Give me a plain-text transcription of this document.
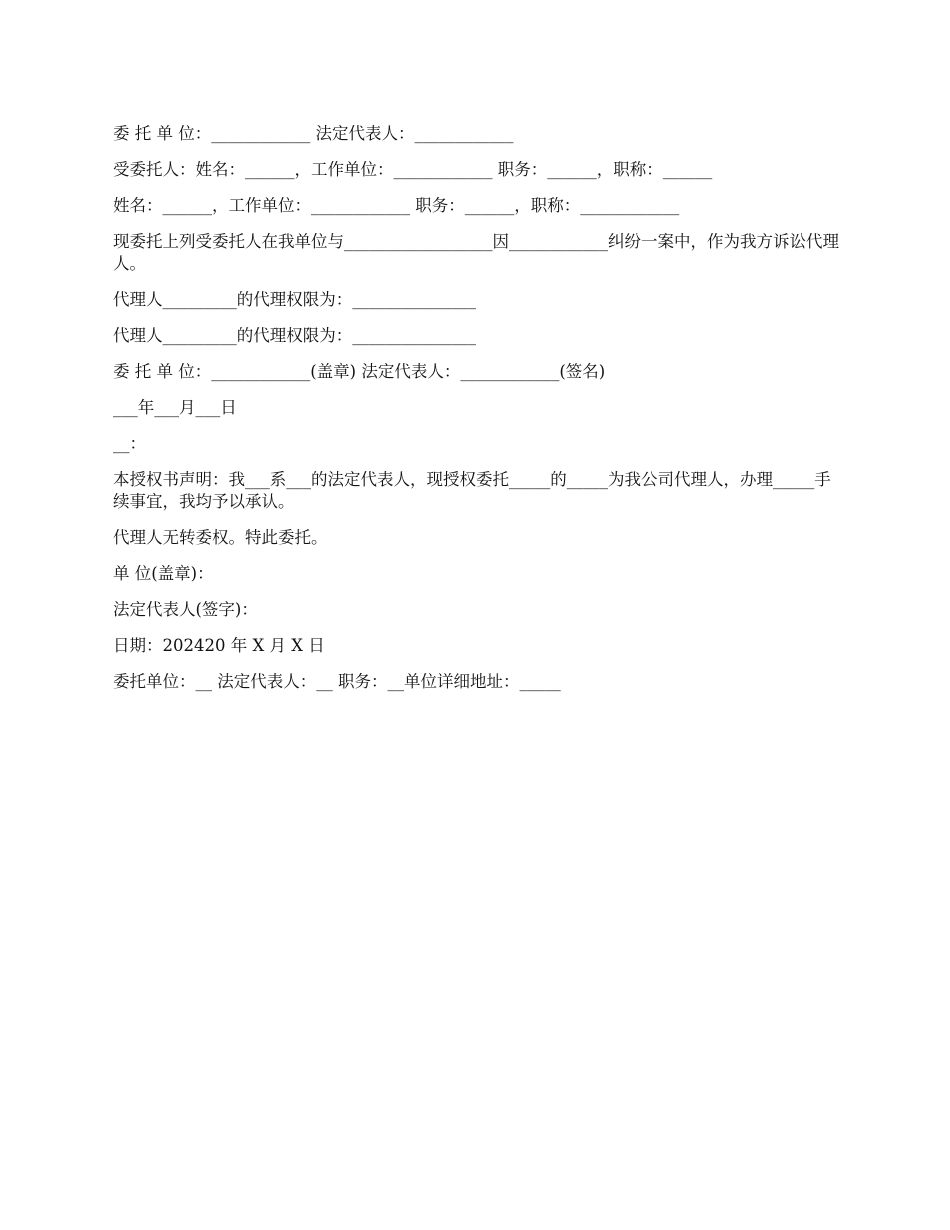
委 托 单 位：____________ 法定代表人：____________

受委托人：姓名：______，工作单位：____________ 职务：______，职称：______

姓名：______，工作单位：____________ 职务：______，职称：____________

现委托上列受委托人在我单位与__________________因____________纠纷一案中，作为我方诉讼代理人。

代理人_________的代理权限为：_______________

代理人_________的代理权限为：_______________

委 托 单 位：____________(盖章) 法定代表人：____________(签名)

___年___月___日

__：

本授权书声明：我___系___的法定代表人，现授权委托_____的_____为我公司代理人，办理_____手续事宜，我均予以承认。

代理人无转委权。特此委托。

单 位(盖章)：

法定代表人(签字)：

日期：202420 年 X 月 X 日

委托单位：__ 法定代表人：__ 职务：__单位详细地址：_____
